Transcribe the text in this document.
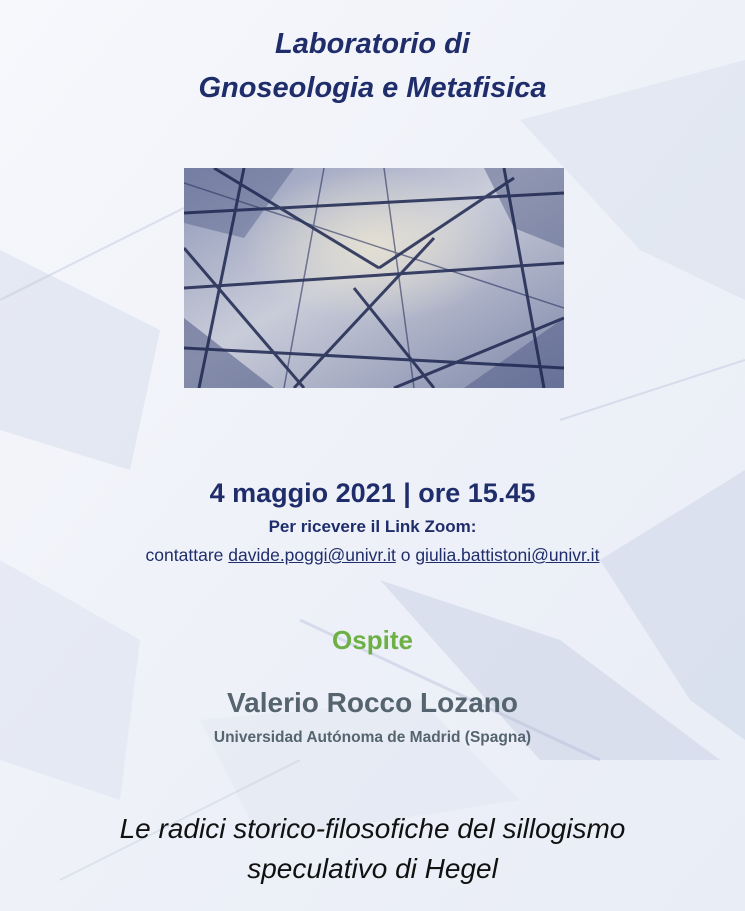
Laboratorio di
Gnoseologia e Metafisica
4 maggio 2021 | ore 15.45
Per ricevere il Link Zoom:
contattare davide.poggi@univr.it o giulia.battistoni@univr.it
Ospite
Valerio Rocco Lozano
Universidad Autónoma de Madrid (Spagna)
Le radici storico-filosofiche del sillogismo
speculativo di Hegel
